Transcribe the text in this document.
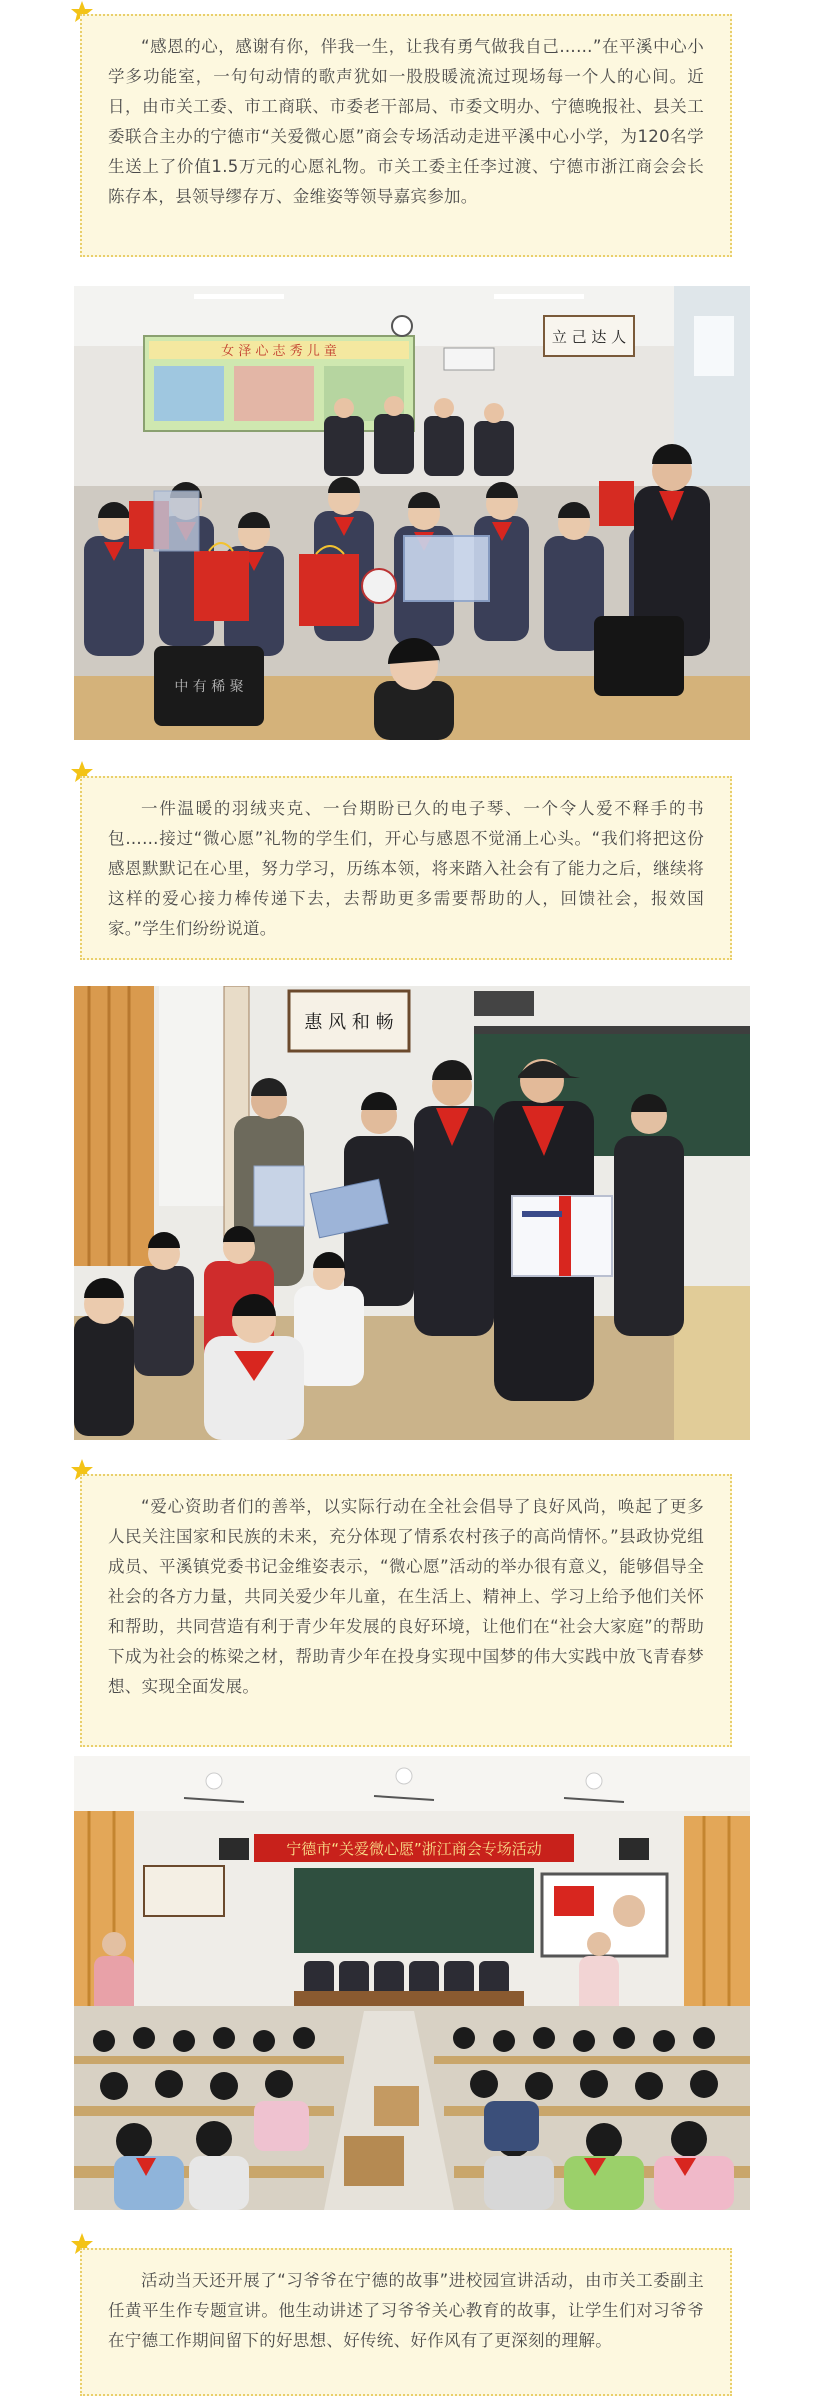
“感恩的心，感谢有你，伴我一生，让我有勇气做我自己……”在平溪中心小学多功能室，一句句动情的歌声犹如一股股暖流流过现场每一个人的心间。近日，由市关工委、市工商联、市委老干部局、市委文明办、宁德晚报社、县关工委联合主办的宁德市“关爱微心愿”商会专场活动走进平溪中心小学，为120名学生送上了价值1.5万元的心愿礼物。市关工委主任李过渡、宁德市浙江商会会长陈存本，县领导缪存万、金维姿等领导嘉宾参加。

女 泽 心 志 秀 儿 童
立 己 达 人
中 有 稀 聚

一件温暖的羽绒夹克、一台期盼已久的电子琴、一个令人爱不释手的书包……接过“微心愿”礼物的学生们，开心与感恩不觉涌上心头。“我们将把这份感恩默默记在心里，努力学习，历练本领，将来踏入社会有了能力之后，继续将这样的爱心接力棒传递下去，去帮助更多需要帮助的人，回馈社会，报效国家。”学生们纷纷说道。

惠 风 和 畅

“爱心资助者们的善举，以实际行动在全社会倡导了良好风尚，唤起了更多人民关注国家和民族的未来，充分体现了情系农村孩子的高尚情怀。”县政协党组成员、平溪镇党委书记金维姿表示，“微心愿”活动的举办很有意义，能够倡导全社会的各方力量，共同关爱少年儿童，在生活上、精神上、学习上给予他们关怀和帮助，共同营造有利于青少年发展的良好环境，让他们在“社会大家庭”的帮助下成为社会的栋梁之材，帮助青少年在投身实现中国梦的伟大实践中放飞青春梦想、实现全面发展。

宁德市“关爱微心愿”浙江商会专场活动

活动当天还开展了“习爷爷在宁德的故事”进校园宣讲活动，由市关工委副主任黄平生作专题宣讲。他生动讲述了习爷爷关心教育的故事，让学生们对习爷爷在宁德工作期间留下的好思想、好传统、好作风有了更深刻的理解。
